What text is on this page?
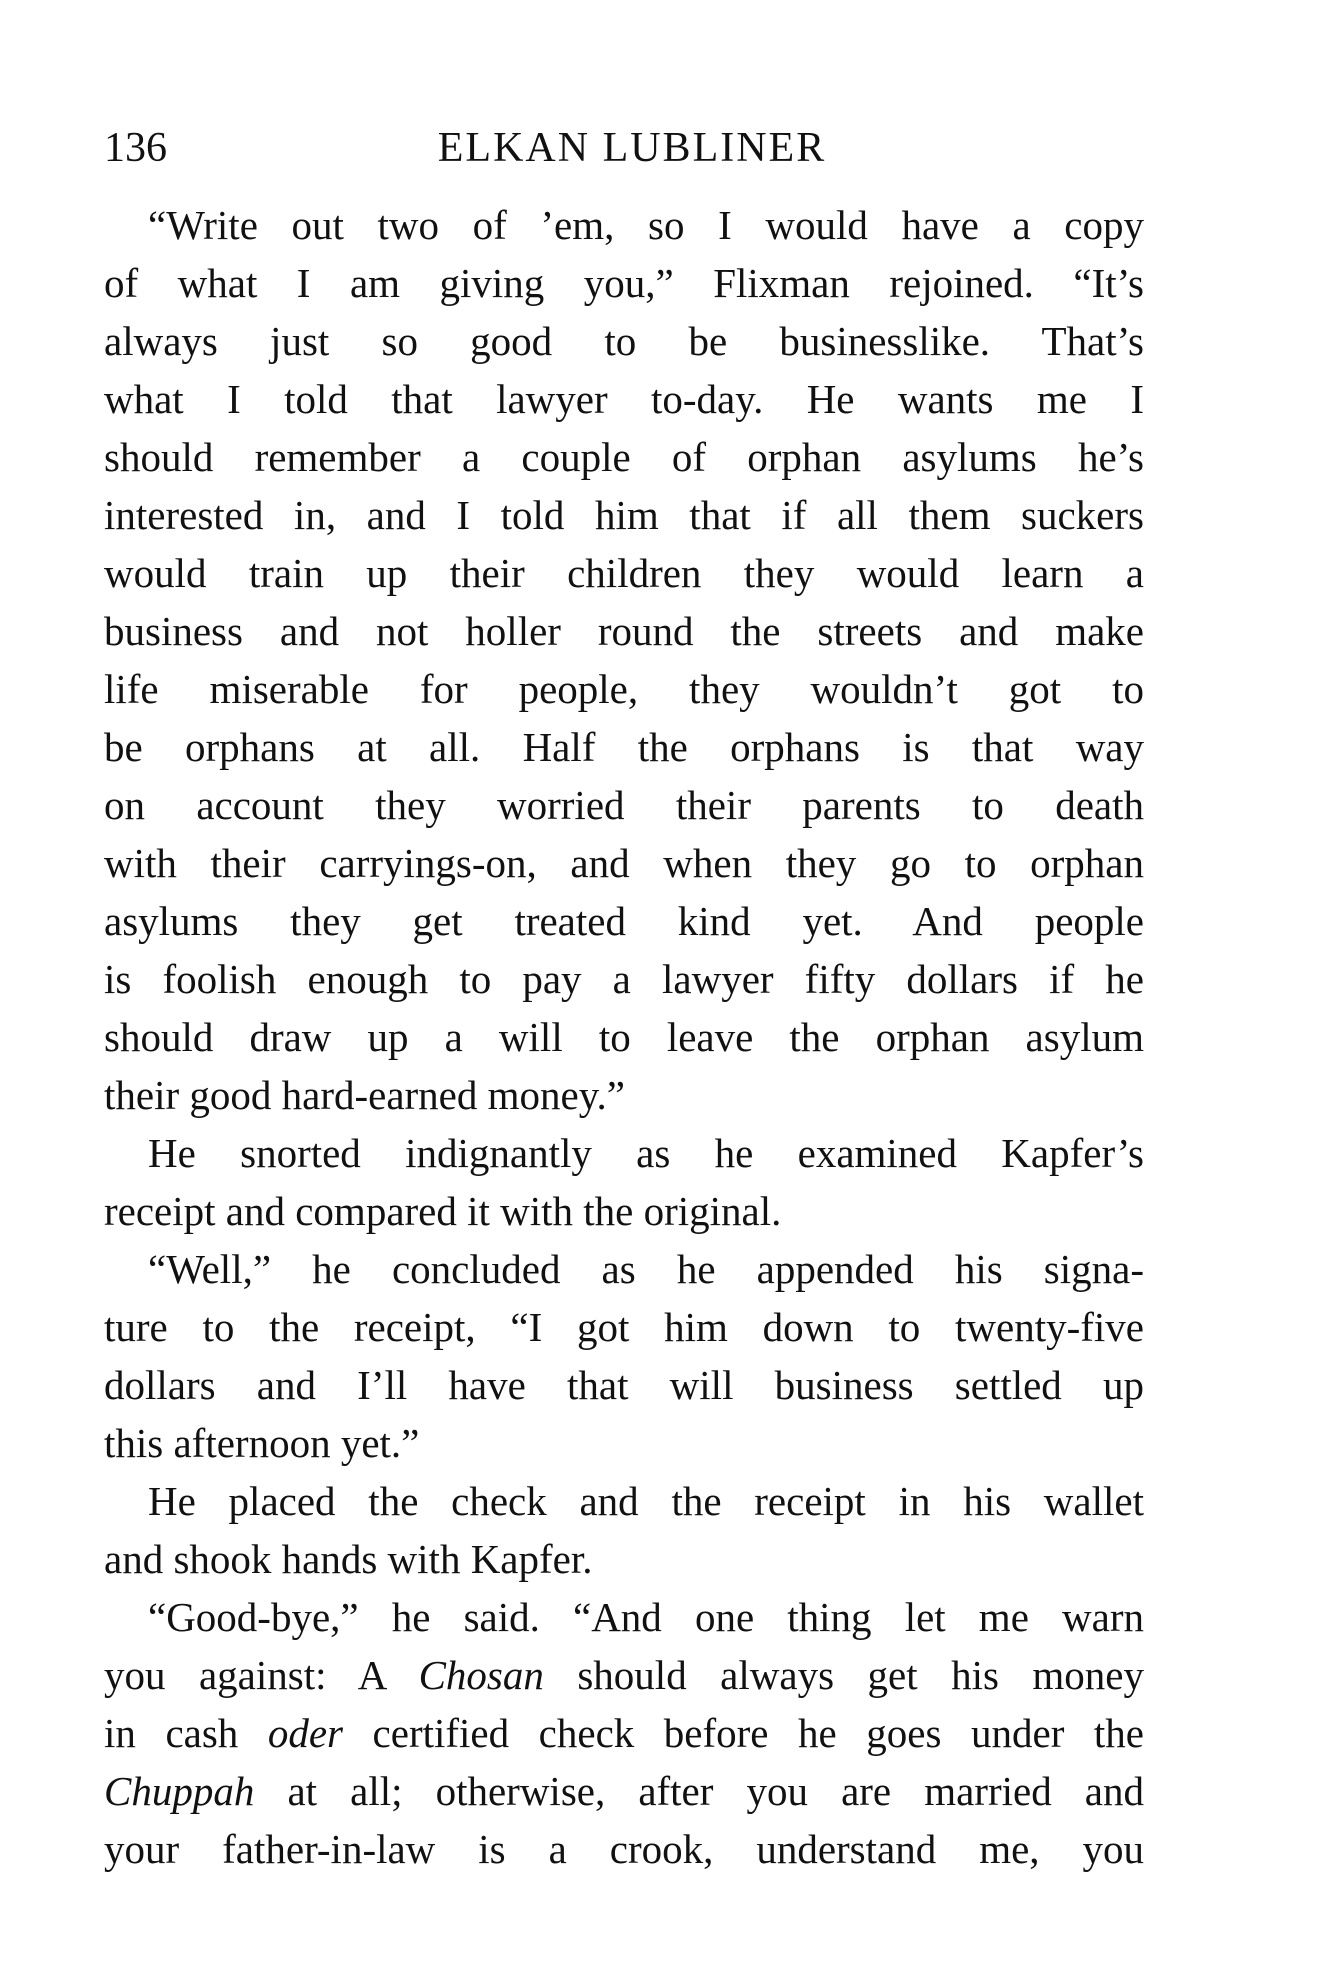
136	ELKAN LUBLINER
“Write out two of ’em, so I would have a copy
of what I am giving you,” Flixman rejoined. “It’s
always just so good to be businesslike. That’s
what I told that lawyer to-day. He wants me I
should remember a couple of orphan asylums he’s
interested in, and I told him that if all them suckers
would train up their children they would learn a
business and not holler round the streets and make
life miserable for people, they wouldn’t got to
be orphans at all. Half the orphans is that way
on account they worried their parents to death
with their carryings-on, and when they go to orphan
asylums they get treated kind yet. And people
is foolish enough to pay a lawyer fifty dollars if he
should draw up a will to leave the orphan asylum
their good hard-earned money.”
He snorted indignantly as he examined Kapfer’s
receipt and compared it with the original.
“Well,” he concluded as he appended his signa-
ture to the receipt, “I got him down to twenty-five
dollars and I’ll have that will business settled up
this afternoon yet.”
He placed the check and the receipt in his wallet
and shook hands with Kapfer.
“Good-bye,” he said. “And one thing let me warn
you against: A Chosan should always get his money
in cash oder certified check before he goes under the
Chuppah at all; otherwise, after you are married and
your father-in-law is a crook, understand me, you
